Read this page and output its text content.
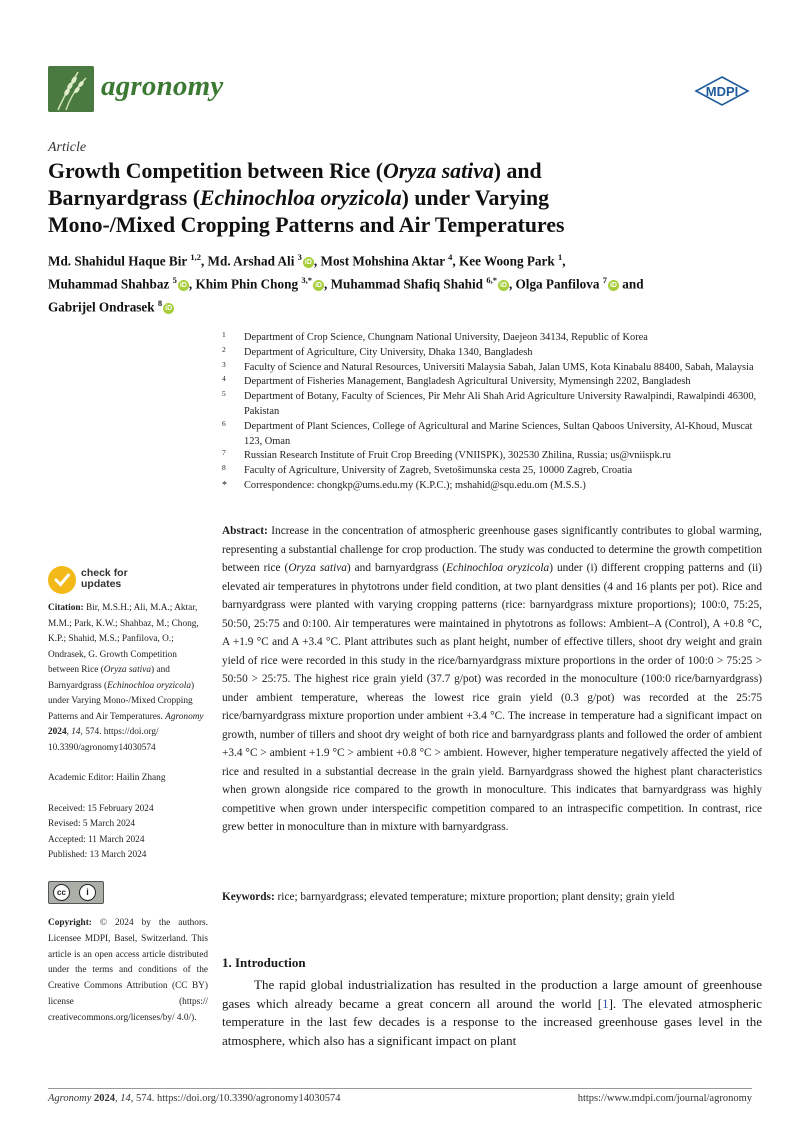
agronomy	MDPI
Article
Growth Competition between Rice (Oryza sativa) and
Barnyardgrass (Echinochloa oryzicola) under Varying
Mono-/Mixed Cropping Patterns and Air Temperatures
Md. Shahidul Haque Bir $^{1,2}$, Md. Arshad Ali $^3$iD , Most Mohshina Aktar $^4$, Kee Woong Park $^1$,
Muhammad Shahbaz $^5$iD , Khim Phin Chong $^{3,*}$iD , Muhammad Shafiq Shahid $^{6,*}$iD , Olga Panfilova $^7$iD and
Gabrijel Ondrasek $^8$iD
1 Department of Crop Science, Chungnam National University, Daejeon 34134, Republic of Korea
2 Department of Agriculture, City University, Dhaka 1340, Bangladesh
3 Faculty of Science and Natural Resources, Universiti Malaysia Sabah, Jalan UMS, Kota Kinabalu 88400, Sabah, Malaysia
4 Department of Fisheries Management, Bangladesh Agricultural University, Mymensingh 2202, Bangladesh
5 Department of Botany, Faculty of Sciences, Pir Mehr Ali Shah Arid Agriculture University Rawalpindi, Rawalpindi 46300, Pakistan
6 Department of Plant Sciences, College of Agricultural and Marine Sciences, Sultan Qaboos University, Al-Khoud, Muscat 123, Oman
7 Russian Research Institute of Fruit Crop Breeding (VNIISPK), 302530 Zhilina, Russia; us@vniispk.ru
8 Faculty of Agriculture, University of Zagreb, Svetošimunska cesta 25, 10000 Zagreb, Croatia
* Correspondence: chongkp@ums.edu.my (K.P.C.); mshahid@squ.edu.om (M.S.S.)
check for
updates

Citation: Bir, M.S.H.; Ali, M.A.; Aktar, M.M.; Park, K.W.; Shahbaz, M.; Chong, K.P.; Shahid, M.S.; Panfilova, O.; Ondrasek, G. Growth Competition between Rice (Oryza sativa) and Barnyardgrass (Echinochloa oryzicola) under Varying Mono-/Mixed Cropping Patterns and Air Temperatures. Agronomy 2024, 14, 574. https://doi.org/ 10.3390/agronomy14030574

Academic Editor: Hailin Zhang

Received: 15 February 2024

Revised: 5 March 2024

Accepted: 11 March 2024

Published: 13 March 2024

cc	i
Copyright: © 2024 by the authors. Licensee MDPI, Basel, Switzerland. This article is an open access article distributed under the terms and conditions of the Creative Commons Attribution (CC BY) license (https:// creativecommons.org/licenses/by/ 4.0/).
Abstract: Increase in the concentration of atmospheric greenhouse gases significantly contributes to global warming, representing a substantial challenge for crop production. The study was conducted to determine the growth competition between rice (Oryza sativa) and barnyardgrass (Echinochloa oryzicola) under (i) different cropping patterns and (ii) elevated air temperatures in phytotrons under field condition, at two plant densities (4 and 16 plants per pot). Rice and barnyardgrass were planted with varying cropping patterns (rice: barnyardgrass mixture proportions); 100:0, 75:25, 50:50, 25:75 and 0:100. Air temperatures were maintained in phytotrons as follows: Ambient–A (Control), A +0.8 °C, A +1.9 °C and A +3.4 °C. Plant attributes such as plant height, number of effective tillers, shoot dry weight and grain yield of rice were recorded in this study in the rice/barnyardgrass mixture proportions in the order of 100:0 > 75:25 > 50:50 > 25:75. The highest rice grain yield (37.7 g/pot) was recorded in the monoculture (100:0 rice/barnyardgrass) under ambient temperature, whereas the lowest rice grain yield (0.3 g/pot) was recorded at the 25:75 rice/barnyardgrass mixture proportion under ambient +3.4 °C. The increase in temperature had a significant impact on growth, number of tillers and shoot dry weight of both rice and barnyardgrass plants and followed the order of ambient +3.4 °C > ambient +1.9 °C > ambient +0.8 °C > ambient. However, higher temperature negatively affected the yield of rice and resulted in a substantial decrease in the grain yield. Barnyardgrass showed the highest plant characteristics when grown alongside rice compared to the growth in monoculture. This indicates that barnyardgrass was highly competitive when grown under interspecific competition compared to an intraspecific competition. In contrast, rice grew better in monoculture than in mixture with barnyardgrass.
Keywords: rice; barnyardgrass; elevated temperature; mixture proportion; plant density; grain yield
1. Introduction
The rapid global industrialization has resulted in the production a large amount of greenhouse gases which already became a great concern all around the world [1]. The elevated atmospheric temperature in the last few decades is a response to the increased greenhouse gases level in the atmosphere, which also has a significant impact on plant
Agronomy 2024, 14, 574. https://doi.org/10.3390/agronomy14030574	https://www.mdpi.com/journal/agronomy
